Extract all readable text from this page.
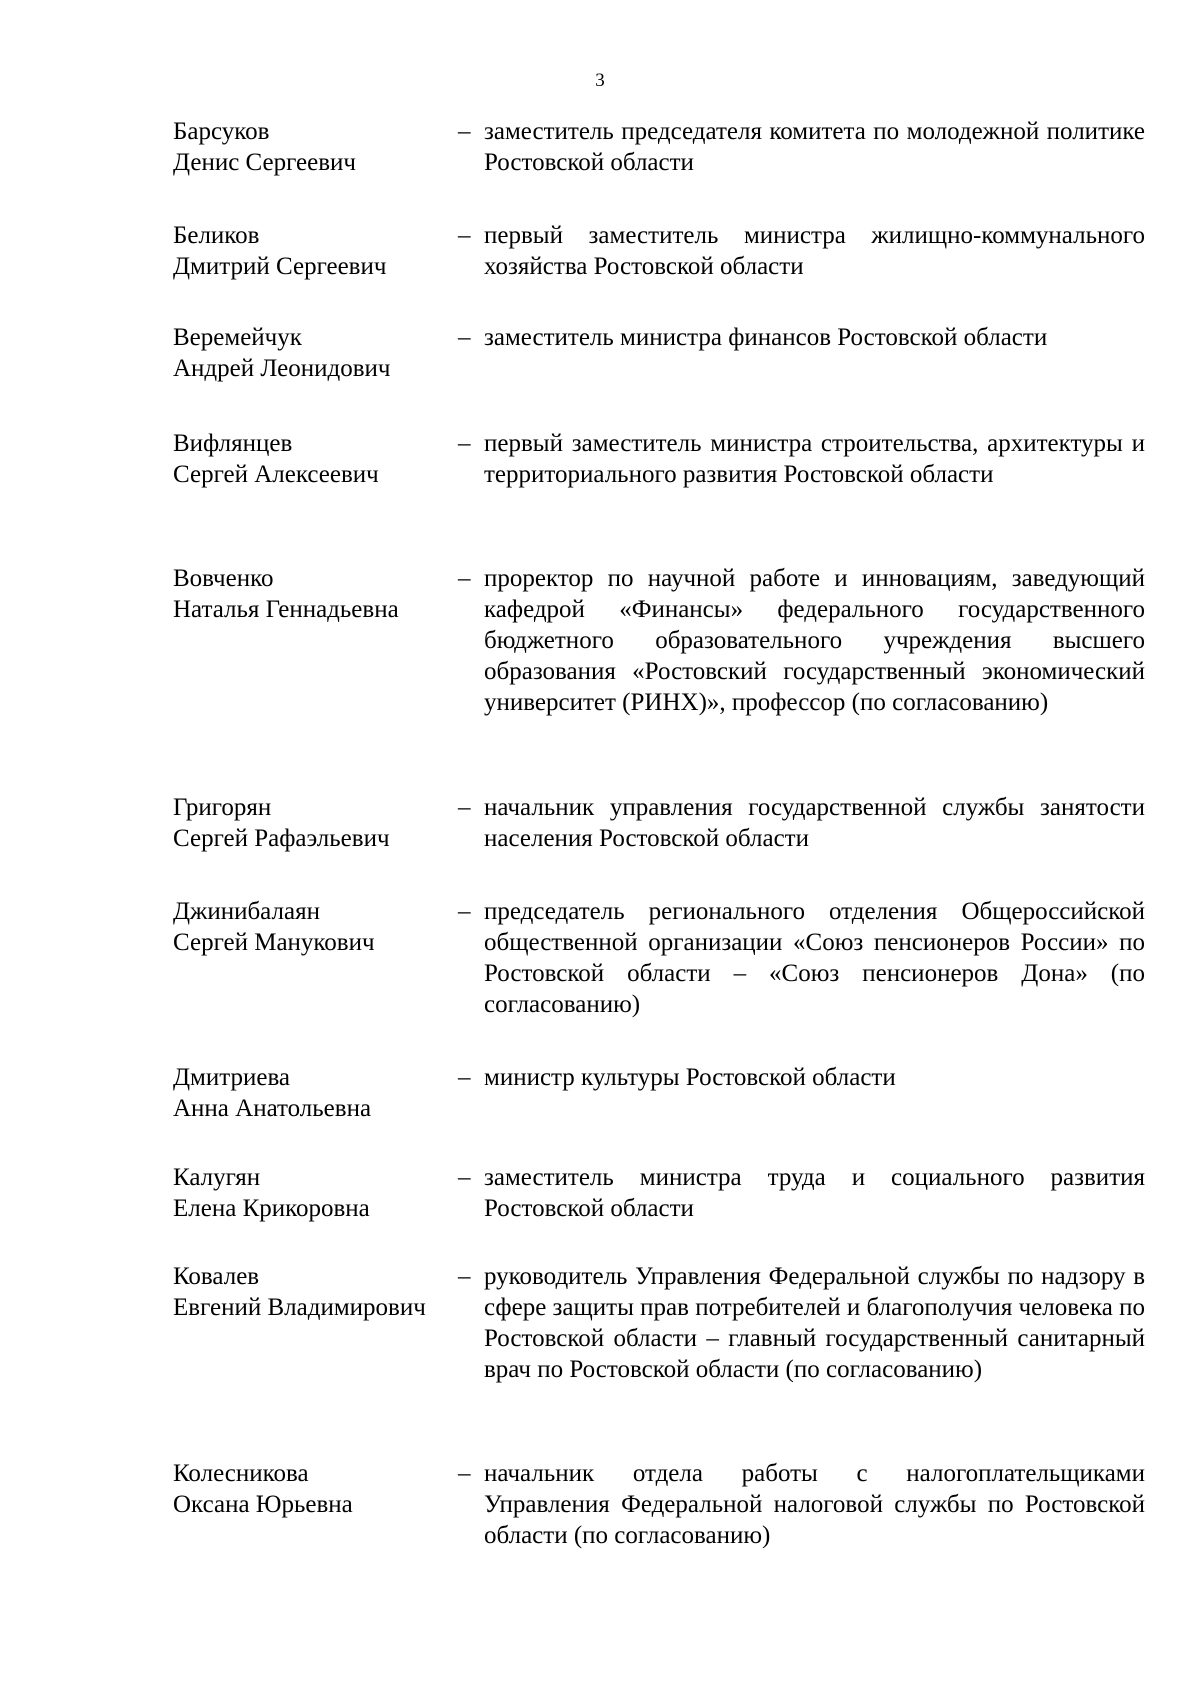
3
Барсуков
Денис Сергеевич
– заместитель председателя комитета по молодежной политике Ростовской области
Беликов
Дмитрий Сергеевич
– первый заместитель министра жилищно-коммунального хозяйства Ростовской области
Веремейчук
Андрей Леонидович
– заместитель министра финансов Ростовской области
Вифлянцев
Сергей Алексеевич
– первый заместитель министра строительства, архитектуры и территориального развития Ростовской области
Вовченко
Наталья Геннадьевна
– проректор по научной работе и инновациям, заведующий кафедрой «Финансы» федерального государственного бюджетного образовательного учреждения высшего образования «Ростовский государственный экономический университет (РИНХ)», профессор (по согласованию)
Григорян
Сергей Рафаэльевич
– начальник управления государственной службы занятости населения Ростовской области
Джинибалаян
Сергей Манукович
– председатель регионального отделения Общероссийской общественной организации «Союз пенсионеров России» по Ростовской области – «Союз пенсионеров Дона» (по согласованию)
Дмитриева
Анна Анатольевна
– министр культуры Ростовской области
Калугян
Елена Крикоровна
– заместитель министра труда и социального развития Ростовской области
Ковалев
Евгений Владимирович
– руководитель Управления Федеральной службы по надзору в сфере защиты прав потребителей и благополучия человека по Ростовской области – главный государственный санитарный врач по Ростовской области (по согласованию)
Колесникова
Оксана Юрьевна
– начальник отдела работы с налогоплательщиками Управления Федеральной налоговой службы по Ростовской области (по согласованию)
